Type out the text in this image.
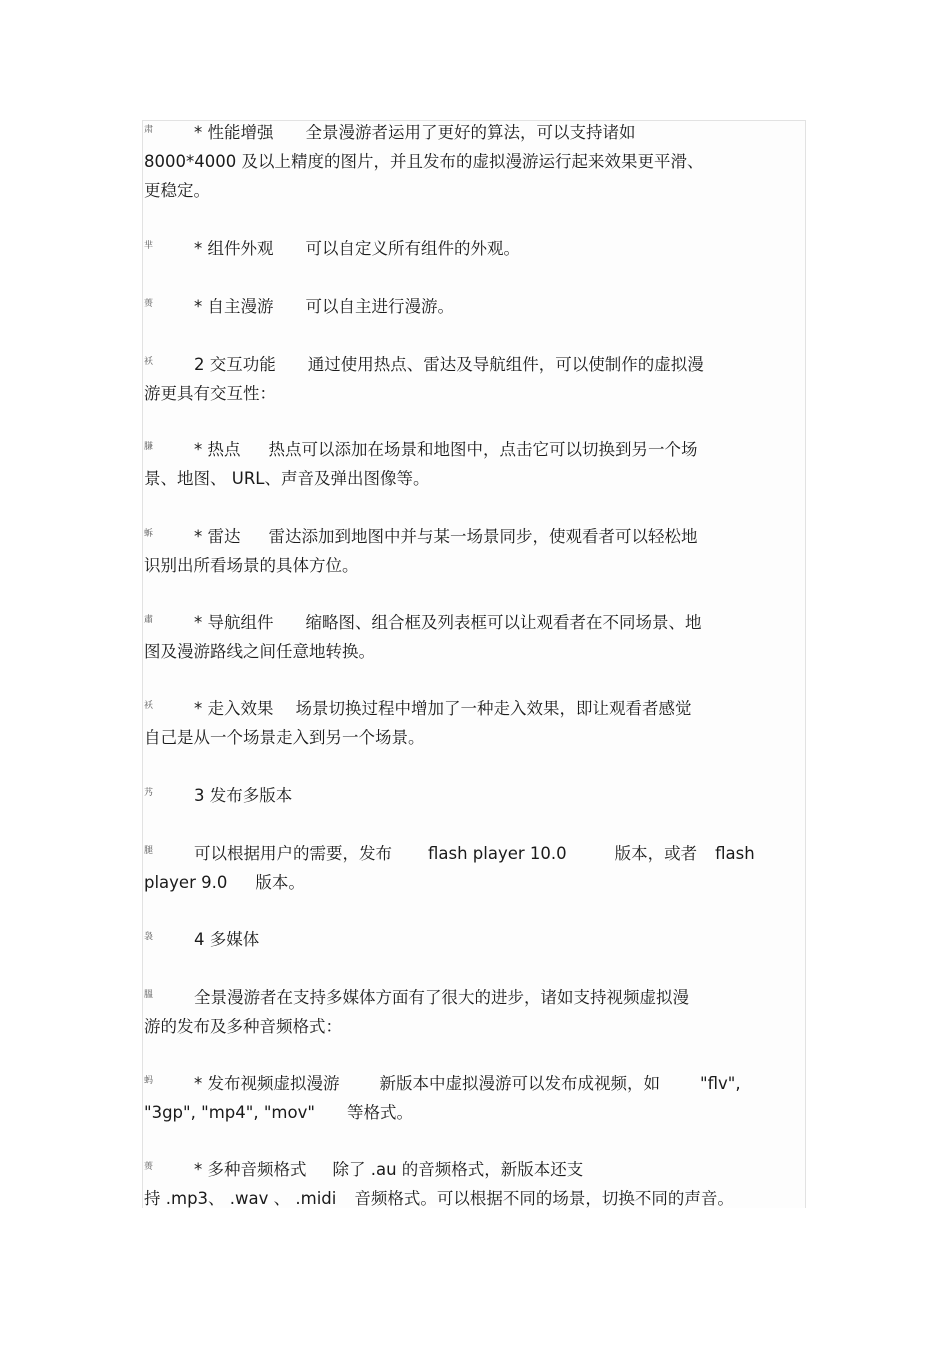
肃	* 性能增强 全景漫游者运用了更好的算法，可以支持诸如
8000*4000 及以上精度的图片，并且发布的虚拟漫游运行起来效果更平滑、
更稳定。
芈	* 组件外观 可以自定义所有组件的外观。
蒉	* 自主漫游 可以自主进行漫游。
袄	2 交互功能 通过使用热点、雷达及导航组件，可以使制作的虚拟漫
游更具有交互性：
膁	* 热点 热点可以添加在场景和地图中，点击它可以切换到另一个场
景、地图、 URL、声音及弹出图像等。
蚸	* 雷达 雷达添加到地图中并与某一场景同步，使观看者可以轻松地
识别出所看场景的具体方位。
肅	* 导航组件 缩略图、组合框及列表框可以让观看者在不同场景、地
图及漫游路线之间任意地转换。
袄	* 走入效果 场景切换过程中增加了一种走入效果，即让观看者感觉
自己是从一个场景走入到另一个场景。
艿	3 发布多版本
腿	可以根据用户的需要，发布 flash player 10.0	版本，或者 flash
player 9.0 版本。
袅	4 多媒体
膃	全景漫游者在支持多媒体方面有了很大的进步，诸如支持视频虚拟漫
游的发布及多种音频格式：
蚂	* 发布视频虚拟漫游 新版本中虚拟漫游可以发布成视频，如 "flv",
"3gp", "mp4", "mov" 等格式。
蒉	* 多种音频格式 除了 .au 的音频格式，新版本还支
持 .mp3、 .wav 、 .midi 音频格式。可以根据不同的场景，切换不同的声音。
